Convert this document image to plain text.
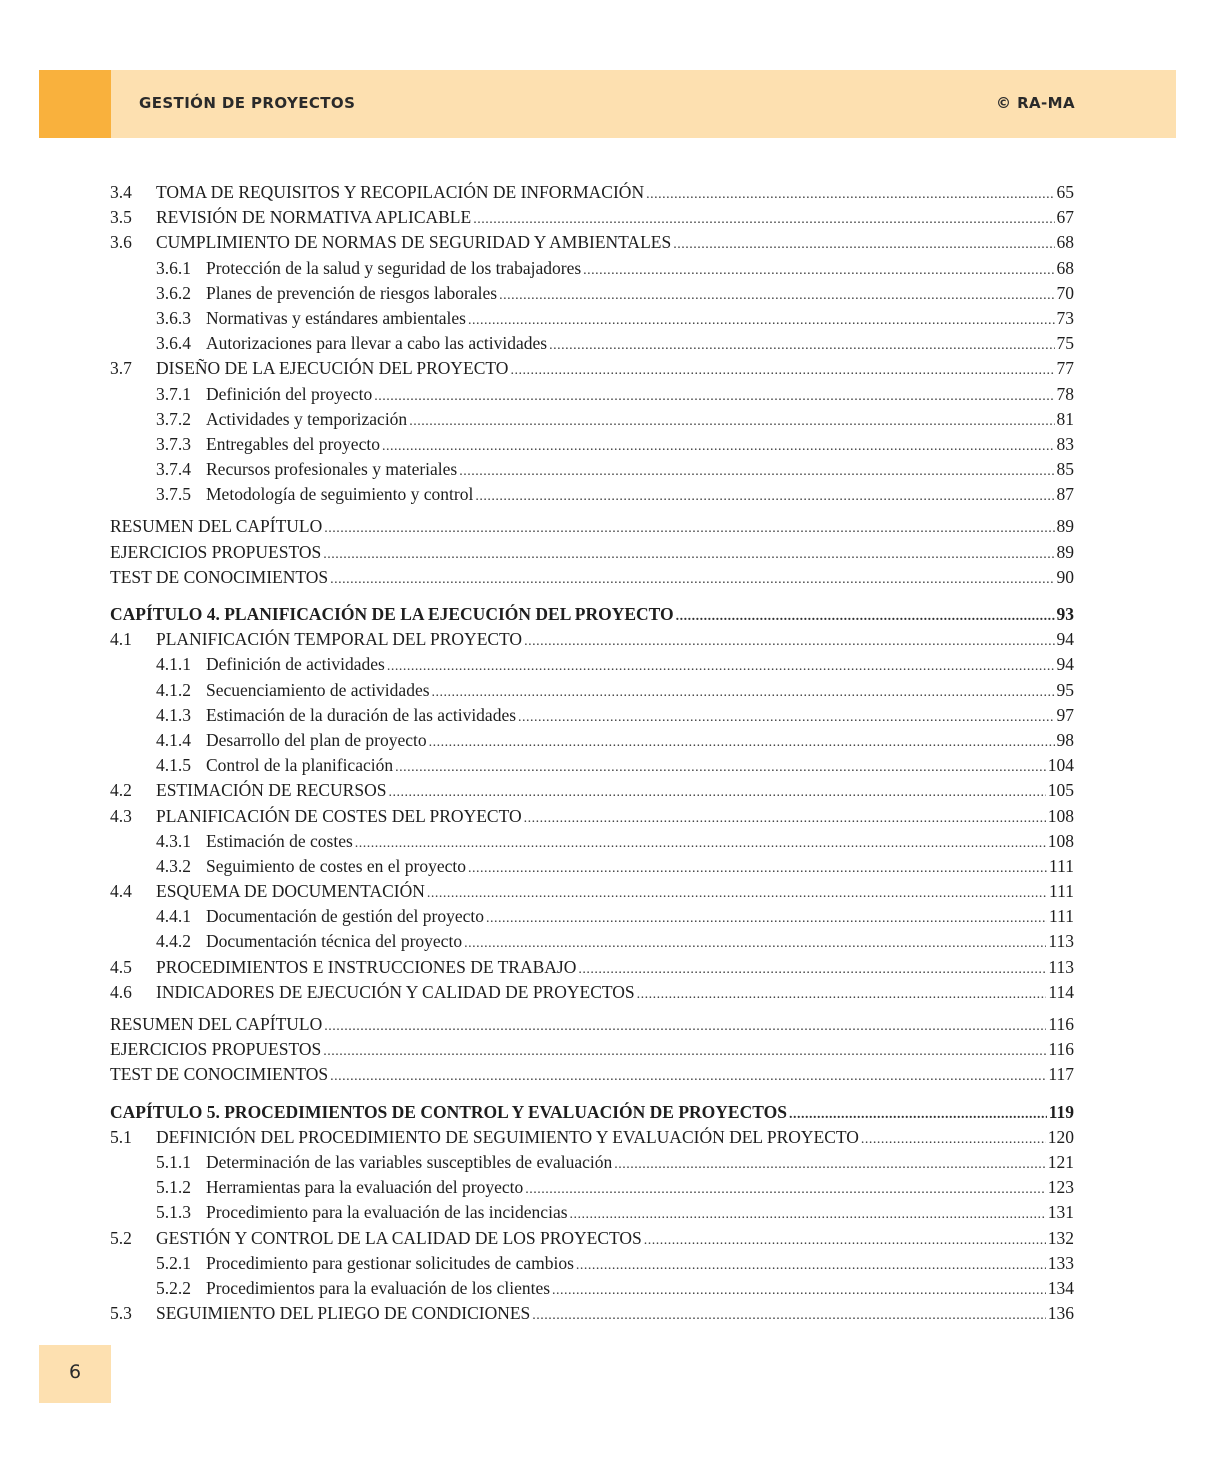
GESTIÓN DE PROYECTOS	© RA-MA
3.4	TOMA DE REQUISITOS Y RECOPILACIÓN DE INFORMACIÓN .....	65
3.5	REVISIÓN DE NORMATIVA APLICABLE .....	67
3.6	CUMPLIMIENTO DE NORMAS DE SEGURIDAD Y AMBIENTALES .....	68
3.6.1 Protección de la salud y seguridad de los trabajadores .....	68
3.6.2 Planes de prevención de riesgos laborales .....	70
3.6.3 Normativas y estándares ambientales .....	73
3.6.4 Autorizaciones para llevar a cabo las actividades .....	75
3.7	DISEÑO DE LA EJECUCIÓN DEL PROYECTO .....	77
3.7.1 Definición del proyecto .....	78
3.7.2 Actividades y temporización .....	81
3.7.3 Entregables del proyecto .....	83
3.7.4 Recursos profesionales y materiales .....	85
3.7.5 Metodología de seguimiento y control .....	87
RESUMEN DEL CAPÍTULO .....	89
EJERCICIOS PROPUESTOS .....	89
TEST DE CONOCIMIENTOS .....	90
CAPÍTULO 4. PLANIFICACIÓN DE LA EJECUCIÓN DEL PROYECTO .....	93
4.1	PLANIFICACIÓN TEMPORAL DEL PROYECTO .....	94
4.1.1 Definición de actividades .....	94
4.1.2 Secuenciamiento de actividades .....	95
4.1.3 Estimación de la duración de las actividades .....	97
4.1.4 Desarrollo del plan de proyecto .....	98
4.1.5 Control de la planificación .....	104
4.2	ESTIMACIÓN DE RECURSOS .....	105
4.3	PLANIFICACIÓN DE COSTES DEL PROYECTO .....	108
4.3.1 Estimación de costes .....	108
4.3.2 Seguimiento de costes en el proyecto .....	111
4.4	ESQUEMA DE DOCUMENTACIÓN .....	111
4.4.1 Documentación de gestión del proyecto .....	111
4.4.2 Documentación técnica del proyecto .....	113
4.5	PROCEDIMIENTOS E INSTRUCCIONES DE TRABAJO .....	113
4.6	INDICADORES DE EJECUCIÓN Y CALIDAD DE PROYECTOS .....	114
RESUMEN DEL CAPÍTULO .....	116
EJERCICIOS PROPUESTOS .....	116
TEST DE CONOCIMIENTOS .....	117
CAPÍTULO 5. PROCEDIMIENTOS DE CONTROL Y EVALUACIÓN DE PROYECTOS .....	119
5.1	DEFINICIÓN DEL PROCEDIMIENTO DE SEGUIMIENTO Y EVALUACIÓN DEL PROYECTO .....	120
5.1.1 Determinación de las variables susceptibles de evaluación .....	121
5.1.2 Herramientas para la evaluación del proyecto .....	123
5.1.3 Procedimiento para la evaluación de las incidencias .....	131
5.2	GESTIÓN Y CONTROL DE LA CALIDAD DE LOS PROYECTOS .....	132
5.2.1 Procedimiento para gestionar solicitudes de cambios .....	133
5.2.2 Procedimientos para la evaluación de los clientes .....	134
5.3	SEGUIMIENTO DEL PLIEGO DE CONDICIONES .....	136
6
